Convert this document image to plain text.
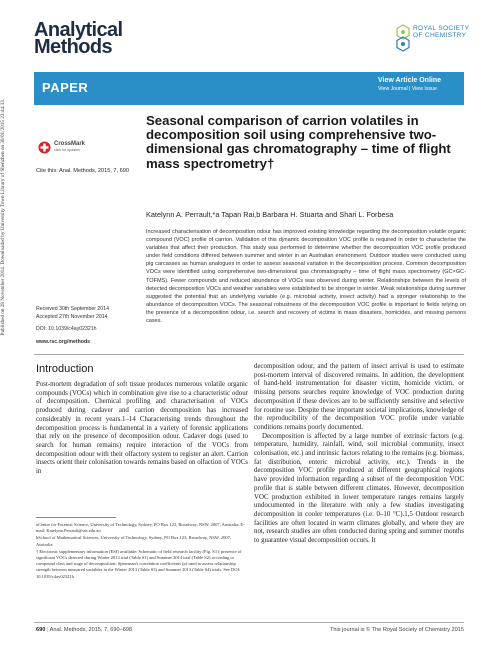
Published on 28 November 2014. Downloaded by University Town Library of Shenzhen on 30/01/2015 23:44:33.
Analytical
Methods
ROYAL SOCIETY
OF CHEMISTRY
PAPER	View Article Online
View Journal | View Issue
CrossMark
click for updates
Cite this: Anal. Methods, 2015, 7, 690
Seasonal comparison of carrion volatiles in decomposition soil using comprehensive two-dimensional gas chromatography – time of flight mass spectrometry†
Katelynn A. Perrault,*a Tapan Rai,b Barbara H. Stuarta and Shari L. Forbesa
Increased characterisation of decomposition odour has improved existing knowledge regarding the decomposition volatile organic compound (VOC) profile of carrion. Validation of this dynamic decomposition VOC profile is required in order to characterise the variables that affect their production. This study was performed to determine whether the decomposition VOC profile produced under field conditions differed between summer and winter in an Australian environment. Outdoor studies were conducted using pig carcasses as human analogues in order to assess seasonal variation in the decomposition process. Common decomposition VOCs were identified using comprehensive two-dimensional gas chromatography – time of flight mass spectrometry (GC×GC-TOFMS). Fewer compounds and reduced abundance of VOCs was observed during winter. Relationships between the levels of detected decomposition VOCs and weather variables were established to be stronger in winter. Weak relationships during summer suggested the potential that an underlying variable (e.g. microbial activity, insect activity) had a stronger relationship to the abundance of decomposition VOCs. The seasonal robustness of the decomposition VOC profile is important to fields relying on the presence of a decomposition odour, i.e. search and recovery of victims in mass disasters, homicides, and missing persons cases.
Received 30th September 2014
Accepted 27th November 2014
DOI: 10.1039/c4ay02321h
www.rsc.org/methods
Introduction

Post-mortem degradation of soft tissue produces numerous volatile organic compounds (VOCs) which in combination give rise to a characteristic odour of decomposition. Chemical profiling and characterisation of VOCs produced during cadaver and carrion decomposition has increased considerably in recent years.1–14 Characterising trends throughout the decomposition process is fundamental in a variety of forensic applications that rely on the presence of decomposition odour. Cadaver dogs (used to search for human remains) require interaction of the VOCs from decomposition odour with their olfactory system to register an alert. Carrion insects orient their colonisation towards remains based on olfaction of VOCs in

aCentre for Forensic Science, University of Technology, Sydney, PO Box 123, Broadway, NSW, 2007, Australia. E-mail: Katelynn.Perrault@uts.edu.au

bSchool of Mathematical Sciences, University of Technology, Sydney, PO Box 123, Broadway, NSW, 2007, Australia

† Electronic supplementary information (ESI) available: Schematic of field research facility (Fig. S1); presence of significant VOCs detected during Winter 2013 trial (Table S1) and Summer 2014 trial (Table S2) according to compound class and stage of decomposition; Spearman's correlation coefficients (ρ) used to assess relationship strength between measured variables in the Winter 2013 (Table S3) and Summer 2013 (Table S4) trials. See DOI: 10.1039/c4ay02321h

decomposition odour, and the pattern of insect arrival is used to estimate post-mortem interval of discovered remains. In addition, the development of hand-held instrumentation for disaster victim, homicide victim, or missing persons searches require knowledge of VOC production during decomposition if these devices are to be sufficiently sensitive and selective for routine use. Despite these important societal implications, knowledge of the reproducibility of the decomposition VOC profile under variable conditions remains poorly documented.

Decomposition is affected by a large number of extrinsic factors (e.g. temperature, humidity, rainfall, wind, soil microbial community, insect colonisation, etc.) and intrinsic factors relating to the remains (e.g. biomass, fat distribution, enteric microbial activity, etc.). Trends in the decomposition VOC profile produced at different geographical regions have provided information regarding a subset of the decomposition VOC profile that is stable between different climates. However, decomposition VOC production exhibited in lower temperature ranges remains largely undocumented in the literature with only a few studies investigating decomposition in cooler temperatures (i.e. 0–10 °C).1,5 Outdoor research facilities are often located in warm climates globally, and where they are not, research studies are often conducted during spring and summer months to guarantee visual decomposition occurs. It

690 | Anal. Methods, 2015, 7, 690–698	This journal is © The Royal Society of Chemistry 2015
